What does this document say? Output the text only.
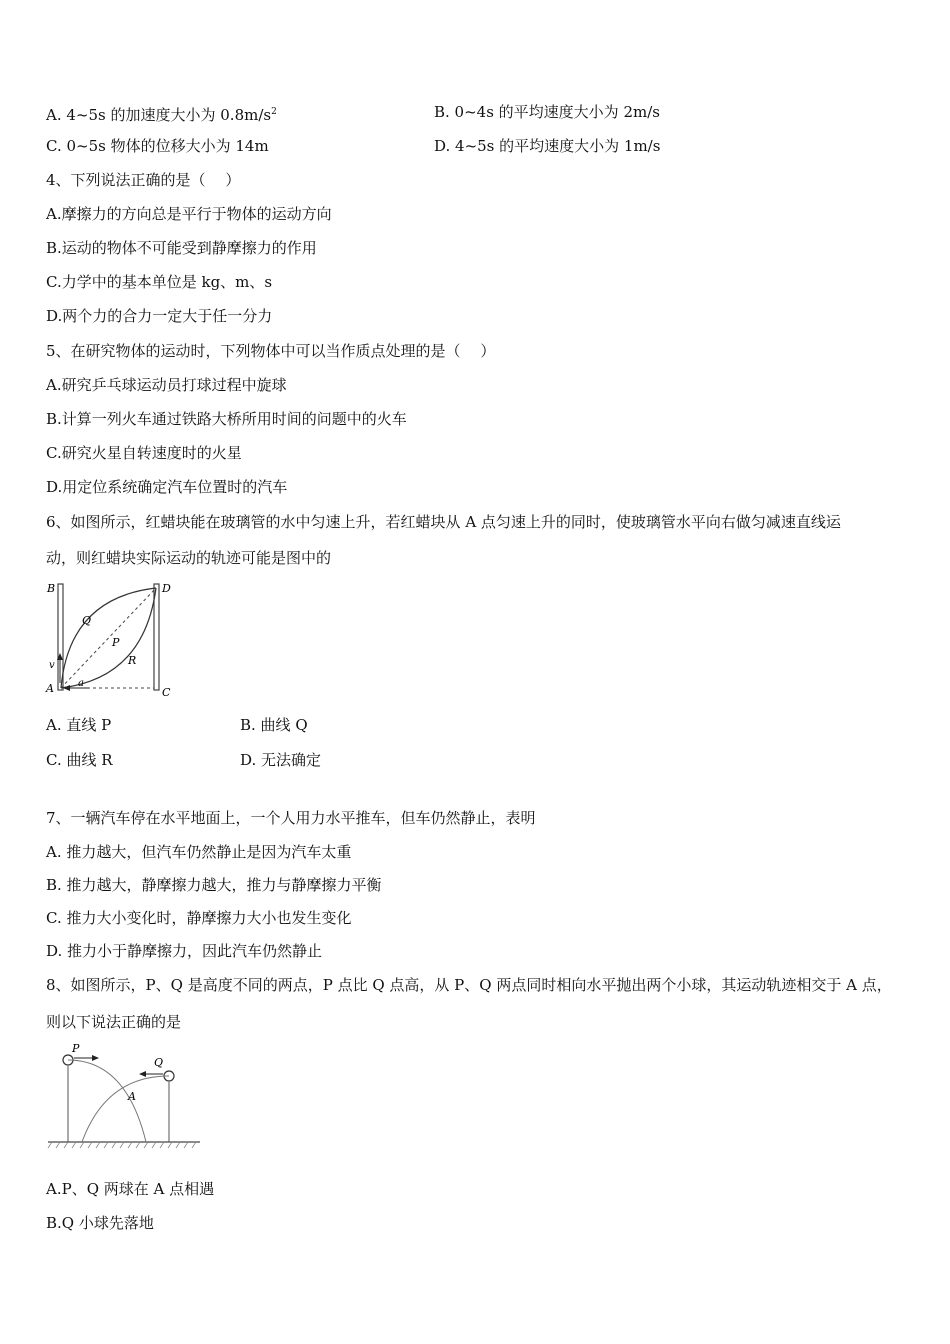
A. 4~5s 的加速度大小为 $0.8m/s^2$	B. 0~4s 的平均速度大小为 2m/s
C. 0~5s 物体的位移大小为 14m	D. 4~5s 的平均速度大小为 1m/s
4、下列说法正确的是（　 ）
A.摩擦力的方向总是平行于物体的运动方向
B.运动的物体不可能受到静摩擦力的作用
C.力学中的基本单位是 kg、m、s
D.两个力的合力一定大于任一分力
5、在研究物体的运动时，下列物体中可以当作质点处理的是（　 ）
A.研究乒乓球运动员打球过程中旋球
B.计算一列火车通过铁路大桥所用时间的问题中的火车
C.研究火星自转速度时的火星
D.用定位系统确定汽车位置时的汽车
6、如图所示，红蜡块能在玻璃管的水中匀速上升，若红蜡块从 A 点匀速上升的同时，使玻璃管水平向右做匀减速直线运
动，则红蜡块实际运动的轨迹可能是图中的
B	D
Q
P
R
v
A a
C
A. 直线 P	B. 曲线 Q
C. 曲线 R	D. 无法确定
7、一辆汽车停在水平地面上，一个人用力水平推车，但车仍然静止，表明
A. 推力越大，但汽车仍然静止是因为汽车太重
B. 推力越大，静摩擦力越大，推力与静摩擦力平衡
C. 推力大小变化时，静摩擦力大小也发生变化
D. 推力小于静摩擦力，因此汽车仍然静止
8、如图所示，P、Q 是高度不同的两点，P 点比 Q 点高，从 P、Q 两点同时相向水平抛出两个小球，其运动轨迹相交于 A 点，
则以下说法正确的是
P
Q
A
A.P、Q 两球在 A 点相遇
B.Q 小球先落地
